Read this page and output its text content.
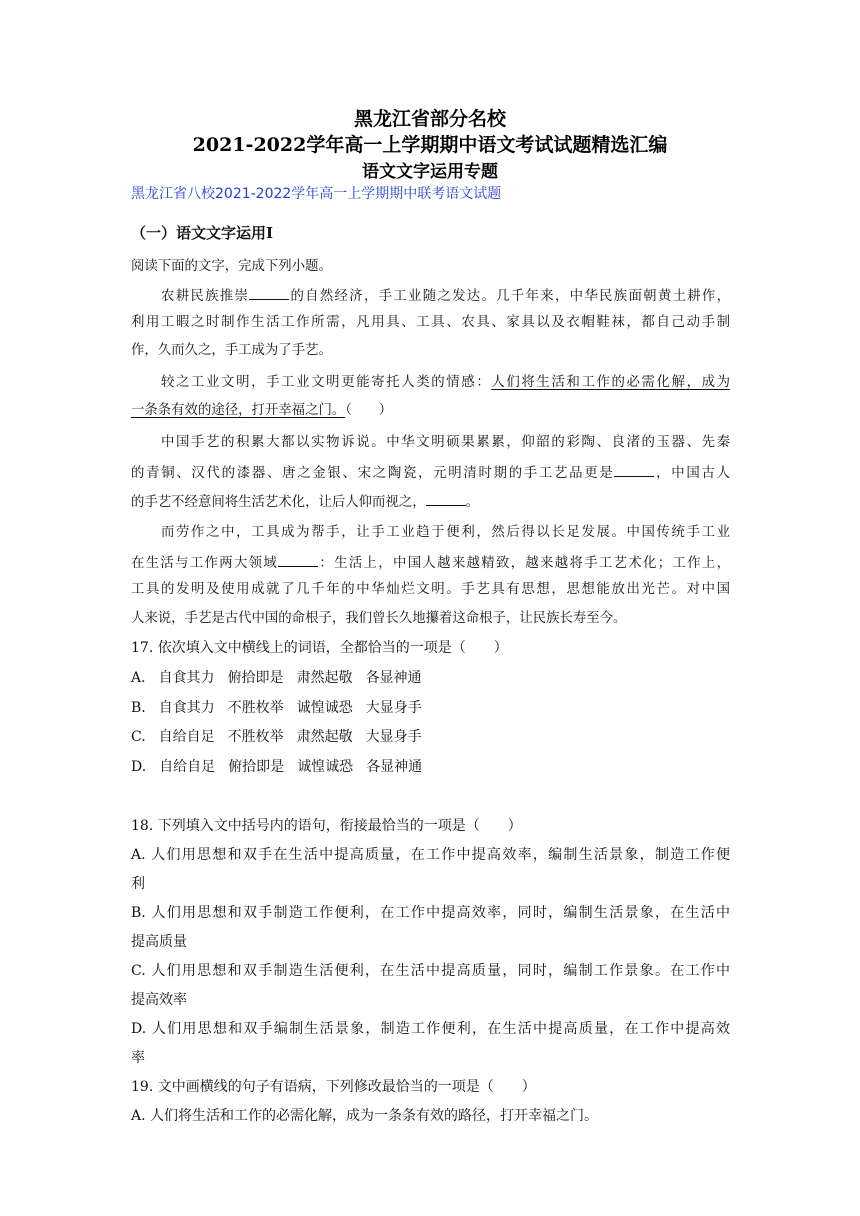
黑龙江省部分名校
2021-2022学年高一上学期期中语文考试试题精选汇编
语文文字运用专题
黑龙江省八校2021-2022学年高一上学期期中联考语文试题
（一）语文文字运用Ⅰ
阅读下面的文字，完成下列小题。
农耕民族推崇	的自然经济，手工业随之发达。几千年来，中华民族面朝黄土耕作，
利用工暇之时制作生活工作所需，凡用具、工具、农具、家具以及衣帽鞋袜，都自己动手制
作，久而久之，手工成为了手艺。
较之工业文明，手工业文明更能寄托人类的情感：人们将生活和工作的必需化解，成为
一条条有效的途径，打开幸福之门。（　　）
中国手艺的积累大都以实物诉说。中华文明硕果累累，仰韶的彩陶、良渚的玉器、先秦
的青铜、汉代的漆器、唐之金银、宋之陶瓷，元明清时期的手工艺品更是	，中国古人
的手艺不经意间将生活艺术化，让后人仰而视之，	。
而劳作之中，工具成为帮手，让手工业趋于便利，然后得以长足发展。中国传统手工业
在生活与工作两大领域	：生活上，中国人越来越精致，越来越将手工艺术化；工作上，
工具的发明及使用成就了几千年的中华灿烂文明。手艺具有思想，思想能放出光芒。对中国
人来说，手艺是古代中国的命根子，我们曾长久地攥着这命根子，让民族长寿至今。
17. 依次填入文中横线上的词语，全都恰当的一项是（　　）
A. 自食其力 俯拾即是 肃然起敬 各显神通
B. 自食其力 不胜枚举 诚惶诚恐 大显身手
C. 自给自足 不胜枚举 肃然起敬 大显身手
D. 自给自足 俯拾即是 诚惶诚恐 各显神通
18. 下列填入文中括号内的语句，衔接最恰当的一项是（　　）
A. 人们用思想和双手在生活中提高质量，在工作中提高效率，编制生活景象，制造工作便
利
B. 人们用思想和双手制造工作便利，在工作中提高效率，同时，编制生活景象，在生活中
提高质量
C. 人们用思想和双手制造生活便利，在生活中提高质量，同时，编制工作景象。在工作中
提高效率
D. 人们用思想和双手编制生活景象，制造工作便利，在生活中提高质量，在工作中提高效
率
19. 文中画横线的句子有语病，下列修改最恰当的一项是（　　）
A. 人们将生活和工作的必需化解，成为一条条有效的路径，打开幸福之门。
